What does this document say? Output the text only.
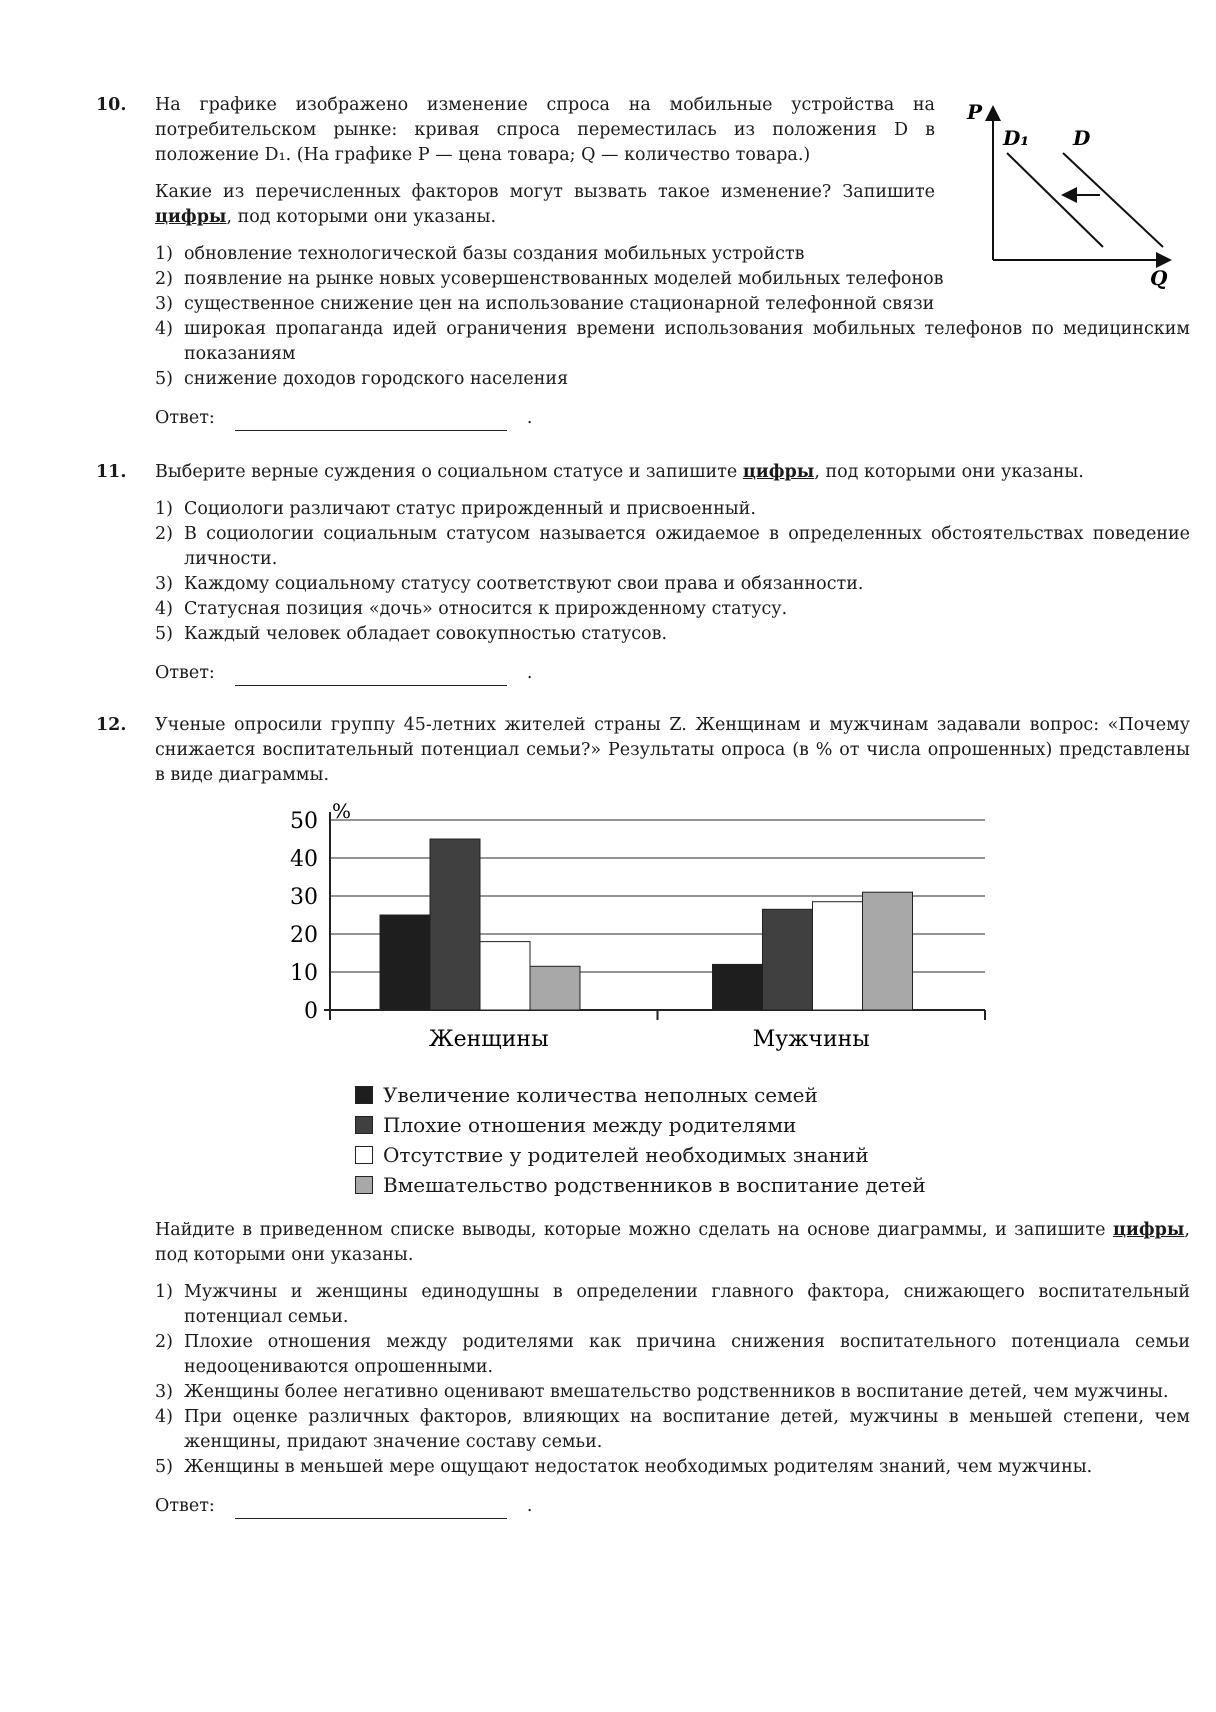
10. На графике изображено изменение спроса на мобильные устройства на потребительском рынке: кривая спроса переместилась из положения D в положение D₁. (На графике P — цена товара; Q — количество товара.)

Какие из перечисленных факторов могут вызвать такое изменение? Запишите цифры, под которыми они указаны.

1) обновление технологической базы создания мобильных устройств
2) появление на рынке новых усовершенствованных моделей мобильных телефонов
3) существенное снижение цен на использование стационарной телефонной связи
4) широкая пропаганда идей ограничения времени использования мобильных телефонов по медицинским показаниям
5) снижение доходов городского населения
Ответ:	.
P
D₁ D
Q
11. Выберите верные суждения о социальном статусе и запишите цифры, под которыми они указаны.

1) Социологи различают статус прирожденный и присвоенный.
2) В социологии социальным статусом называется ожидаемое в определенных обстоятельствах поведение личности.
3) Каждому социальному статусу соответствуют свои права и обязанности.
4) Статусная позиция «дочь» относится к прирожденному статусу.
5) Каждый человек обладает совокупностью статусов.
Ответ:	.
12. Ученые опросили группу 45-летних жителей страны Z. Женщинам и мужчинам задавали вопрос: «Почему снижается воспитательный потенциал семьи?» Результаты опроса (в % от числа опрошенных) представлены в виде диаграммы.

0
10
20
30
40
50 %
Женщины	Мужчины
Увеличение количества неполных семей
Плохие отношения между родителями
Отсутствие у родителей необходимых знаний
Вмешательство родственников в воспитание детей

Найдите в приведенном списке выводы, которые можно сделать на основе диаграммы, и запишите цифры, под которыми они указаны.

1) Мужчины и женщины единодушны в определении главного фактора, снижающего воспитательный потенциал семьи.
2) Плохие отношения между родителями как причина снижения воспитательного потенциала семьи недооцениваются опрошенными.
3) Женщины более негативно оценивают вмешательство родственников в воспитание детей, чем мужчины.
4) При оценке различных факторов, влияющих на воспитание детей, мужчины в меньшей степени, чем женщины, придают значение составу семьи.
5) Женщины в меньшей мере ощущают недостаток необходимых родителям знаний, чем мужчины.
Ответ:	.
